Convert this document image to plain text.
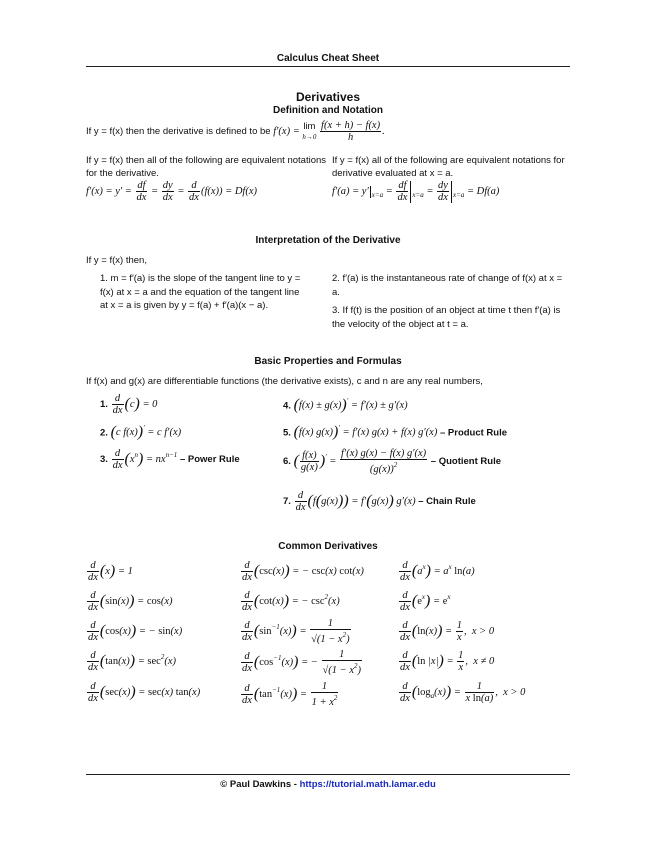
Calculus Cheat Sheet
Derivatives
Definition and Notation
If y = f(x) then the derivative is defined to be f′(x) = lim
$h\to 0 \frac{f(x + h) - f(x)}{h}$ .
If y = f(x) then all of the following are equivalent notations for the derivative.
If y = f(x) all of the following are equivalent notations for derivative evaluated at x = a.
$f'(x) = y' = \frac{df}{dx} = \frac{dy}{dx} = \frac{d}{dx} (f(x)) = Df(x)$	f′(a) = y′ $_{x=a} = \frac{df}{dx} _{x=a} = \frac{dy}{dx} _{x=a} = Df(a)$
Interpretation of the Derivative
If y = f(x) then,
1. m = f′(a) is the slope of the tangent line to y = f(x) at x = a and the equation of the tangent line at x = a is given by y = f(a) + f′(a)(x − a).
2. f′(a) is the instantaneous rate of change of f(x) at x = a.
3. If f(t) is the position of an object at time t then f′(a) is the velocity of the object at t = a.
Basic Properties and Formulas
If f(x) and g(x) are differentiable functions (the derivative exists), c and n are any real numbers,
1. $\frac{d}{dx} (c) = 0$
2. (c f(x))′ = c f′(x)
3. $\frac{d}{dx} (x^n) = nx^{n-1}$ – Power Rule
4. (f(x) ± g(x))′ = f′(x) ± g′(x)
5. (f(x) g(x))′ = f′(x) g(x) + f(x) g′(x) – Product Rule
6. ( $\frac{f(x)}{g(x)} )' = \frac{f'(x) g(x) - f(x) g'(x)}{(g(x))^2}$ – Quotient Rule
7. $\frac{d}{dx} (f(g(x))) = f'(g(x))$ g′(x) – Chain Rule
Common Derivatives
$\frac{d}{dx} (x) = 1$
$\frac{d}{dx} (\sin(x)) = \cos(x)$
$\frac{d}{dx} (\cos(x))$ = − sin(x)
$\frac{d}{dx} (\tan(x)) = \sec^2(x)$
$\frac{d}{dx} (\sec(x)) = \sec(x)$ tan(x)
$\frac{d}{dx} (\csc(x))$ = − csc(x) cot(x)
$\frac{d}{dx} (\cot(x))$ = − $\csc^2(x)$
$\frac{d}{dx} (\sin^{-1}(x)) = \frac{1}{√(1 - x^2)}$
$\frac{d}{dx} (\cos^{-1}(x))$ = − $\frac{1}{√(1 - x^2)}$
$\frac{d}{dx} (\tan^{-1}(x)) = \frac{1}{1 + x^2}$
$\frac{d}{dx} (a^x) = a^x$ ln(a)
$\frac{d}{dx} (e^x) = e^x$
$\frac{d}{dx} (\ln(x)) = \frac{1}{x}$ ,  x > 0
$\frac{d}{dx} (\ln$ $|x|) = \frac{1}{x}$ ,  x ≠ 0
$\frac{d}{dx} (\log_a(x)) = \frac{1}{\text{x ln(a)}}$ ,  x > 0
© Paul Dawkins - https://tutorial.math.lamar.edu
